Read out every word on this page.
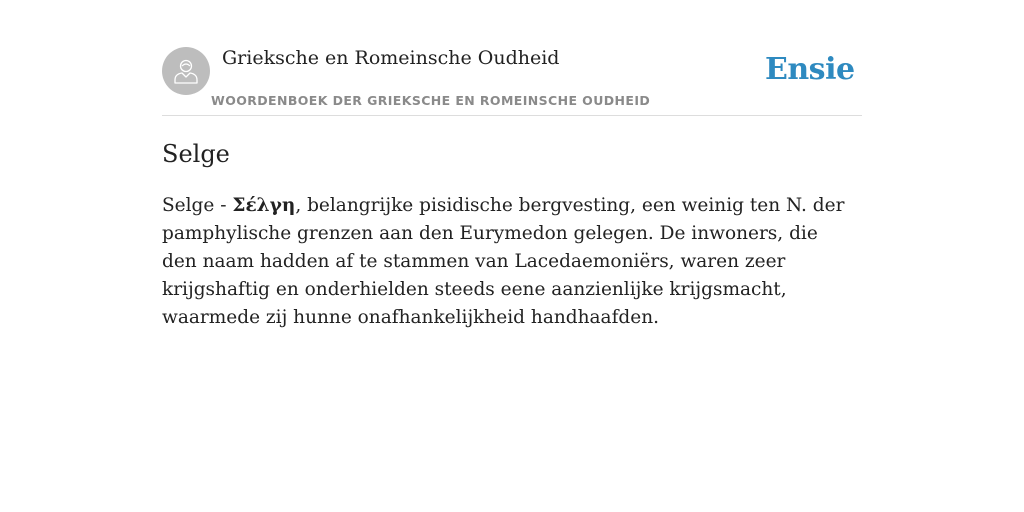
Grieksche en Romeinsche Oudheid
WOORDENBOEK DER GRIEKSCHE EN ROMEINSCHE OUDHEID
Ensie
Selge

Selge - Σέλγη, belangrijke pisidische bergvesting, een weinig ten N. der pamphylische grenzen aan den Eurymedon gelegen. De inwoners, die den naam hadden af te stammen van Lacedaemoniërs, waren zeer krijgshaftig en onderhielden steeds eene aanzienlijke krijgsmacht, waarmede zij hunne onafhankelijkheid handhaafden.
